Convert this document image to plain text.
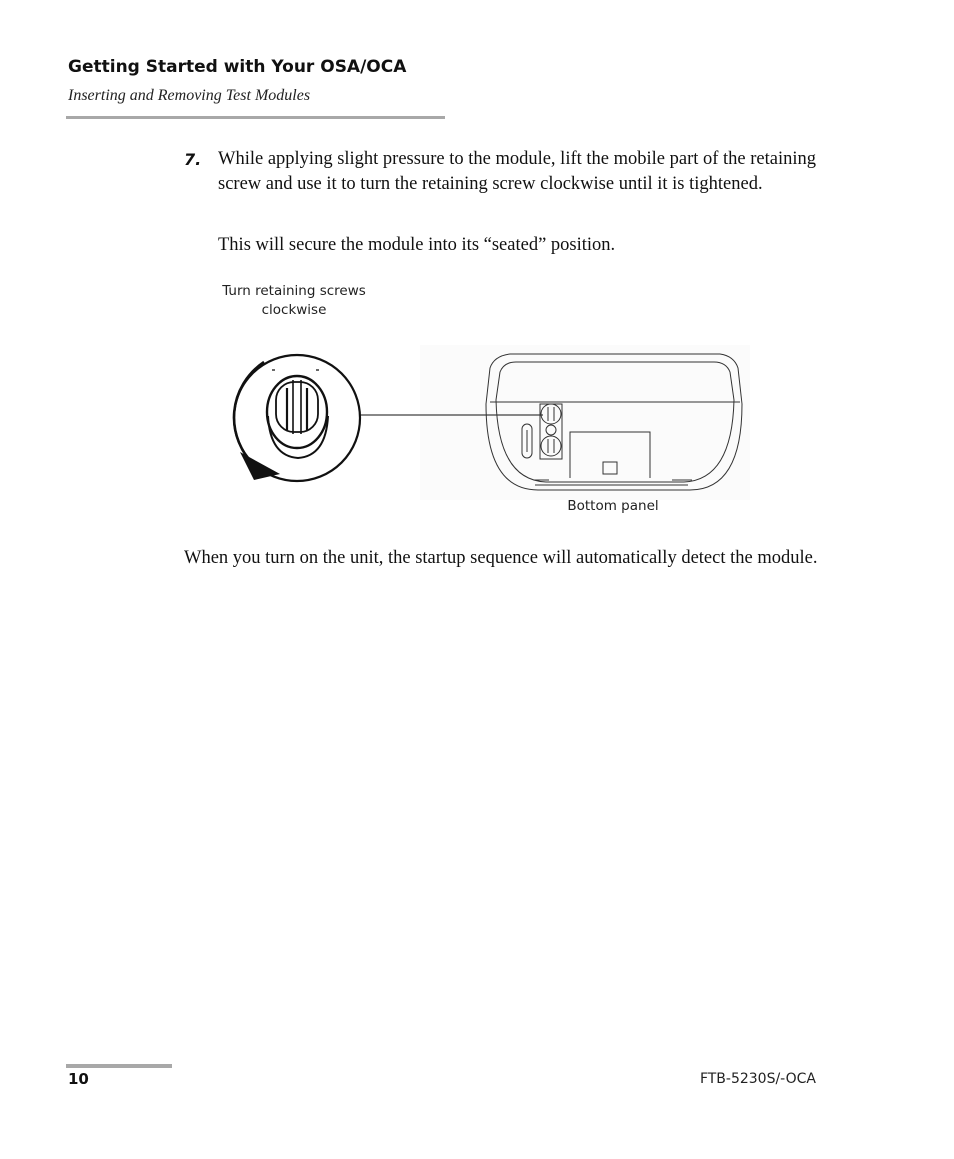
Getting Started with Your OSA/OCA
Inserting and Removing Test Modules
7. While applying slight pressure to the module, lift the mobile part of the retaining screw and use it to turn the retaining screw clockwise until it is tightened.
This will secure the module into its “seated” position.
Turn retaining screws clockwise
Bottom panel
When you turn on the unit, the startup sequence will automatically detect the module.
10	FTB-5230S/-OCA
